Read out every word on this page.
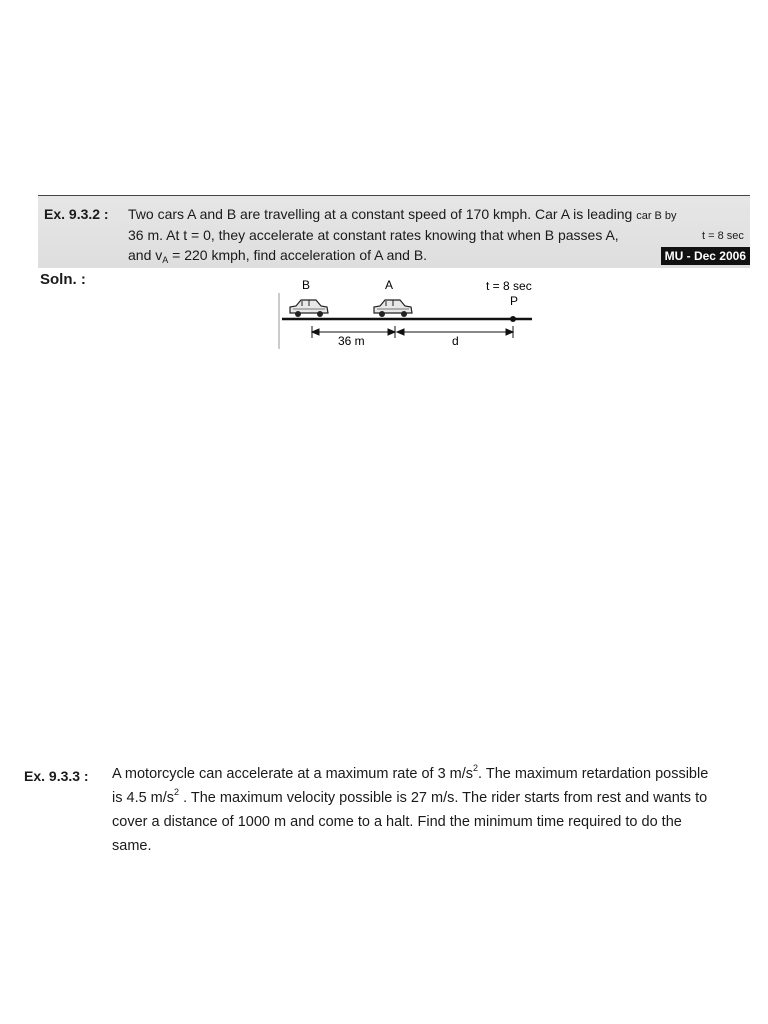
Ex. 9.3.2 : Two cars A and B are travelling at a constant speed of 170 kmph. Car A is leading car B by
36 m. At t = 0, they accelerate at constant rates knowing that when B passes A,	t = 8 sec
and $v_A = 220$ kmph, find acceleration of A and B.	MU - Dec 2006
Soln. :	B	A	t = 8 sec
P
36 m	d
Ex. 9.3.3 : A motorcycle can accelerate at a maximum rate of 3 $m/s^2$. The maximum retardation possible
is 4.5 $m/s^2$ . The maximum velocity possible is 27 m/s. The rider starts from rest and wants to
cover a distance of 1000 m and come to a halt. Find the minimum time required to do the
same.
